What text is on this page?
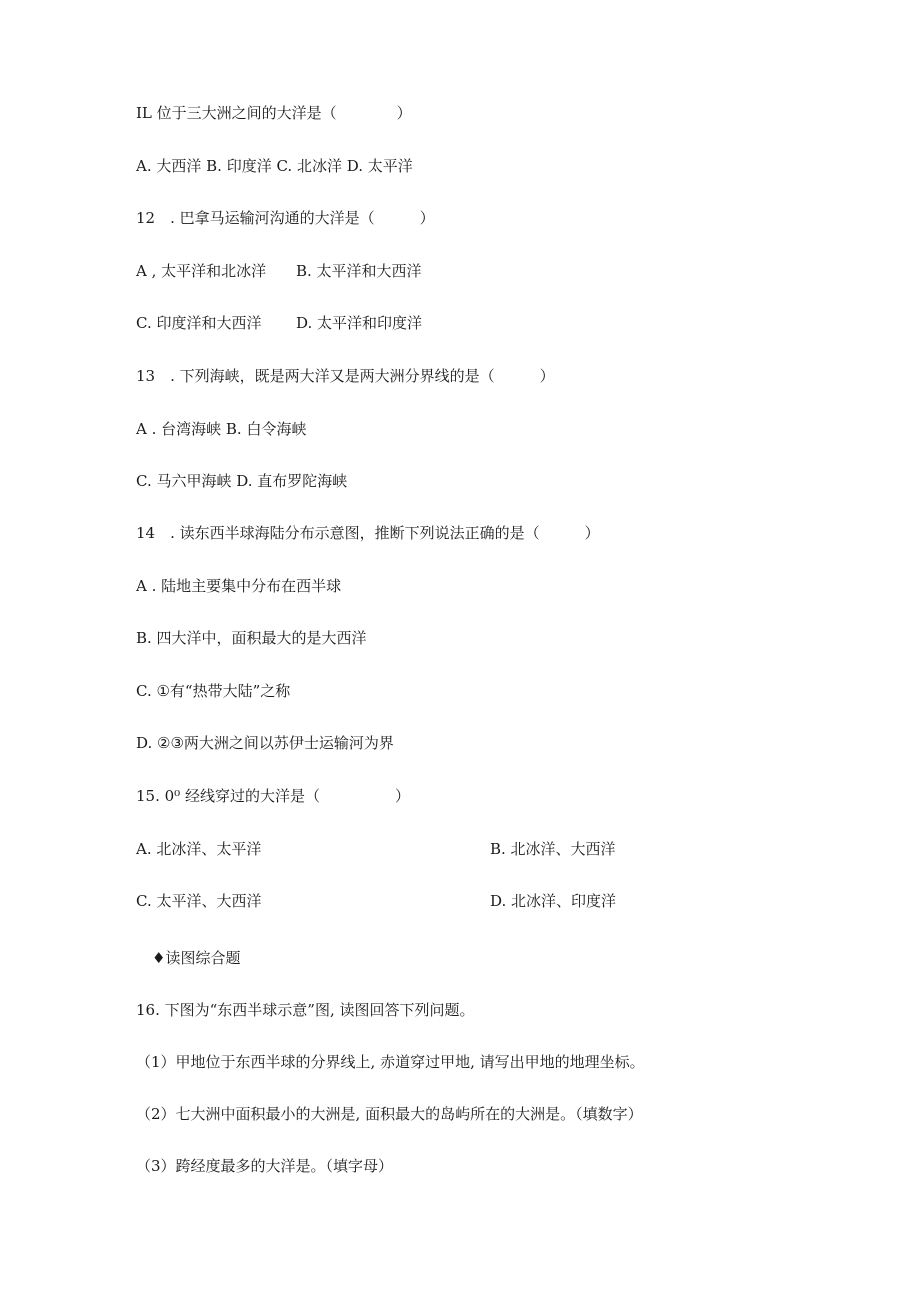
IL 位于三大洲之间的大洋是（　　　　）
A. 大西洋 B. 印度洋 C. 北冰洋 D. 太平洋
12　. 巴拿马运输河沟通的大洋是（　　　）
A , 太平洋和北冰洋 B. 太平洋和大西洋
C. 印度洋和大西洋 D. 太平洋和印度洋
13　. 下列海峡，既是两大洋又是两大洲分界线的是（　　　）
A . 台湾海峡 B. 白令海峡
C. 马六甲海峡 D. 直布罗陀海峡
14　. 读东西半球海陆分布示意图，推断下列说法正确的是（　　　）
A . 陆地主要集中分布在西半球
B. 四大洋中，面积最大的是大西洋
C. ①有“热带大陆”之称
D. ②③两大洲之间以苏伊士运输河为界
15. 0⁰ 经线穿过的大洋是（　　　　　）
A. 北冰洋、太平洋	B. 北冰洋、大西洋
C. 太平洋、大西洋	D. 北冰洋、印度洋
♦读图综合题
16. 下图为“东西半球示意”图, 读图回答下列问题。
（1）甲地位于东西半球的分界线上, 赤道穿过甲地, 请写出甲地的地理坐标。
（2）七大洲中面积最小的大洲是, 面积最大的岛屿所在的大洲是。（填数字）
（3）跨经度最多的大洋是。（填字母）
